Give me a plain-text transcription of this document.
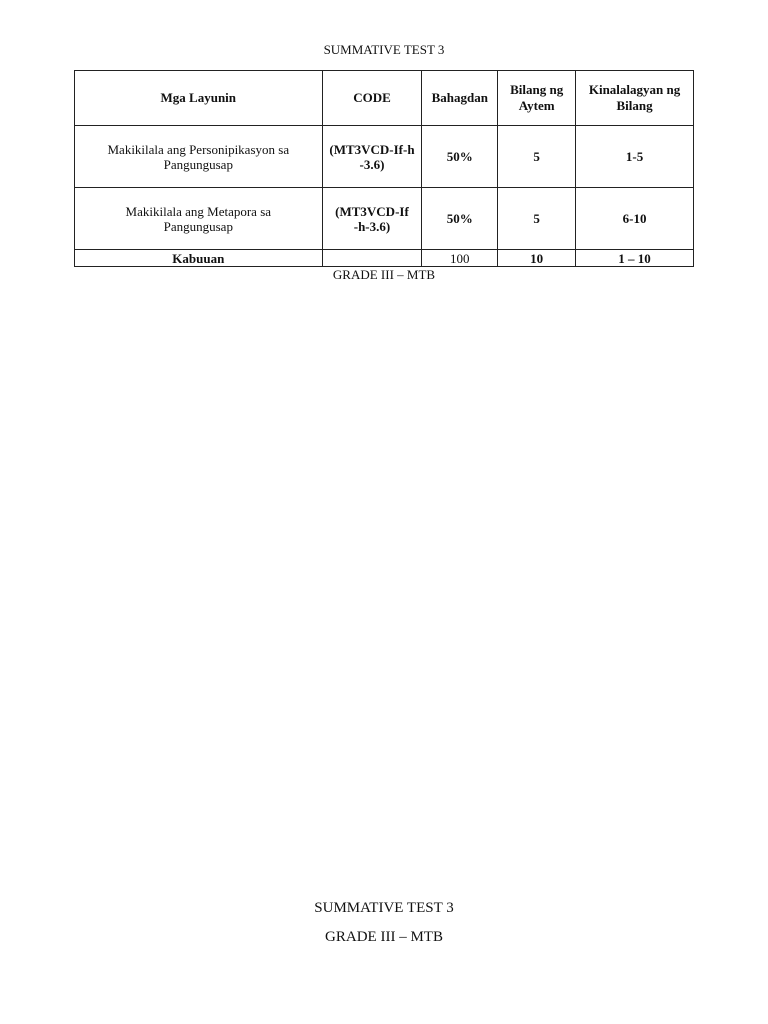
SUMMATIVE TEST 3
Mga Layunin	CODE	Bahagdan	Bilang ng Aytem	Kinalalagyan ng Bilang
Makikilala ang Personipikasyon sa Pangungusap	(MT3VCD-If-h-3.6)	50%	5	1-5
Makikilala ang Metapora sa Pangungusap	(MT3VCD-If-h-3.6)	50%	5	6-10
Kabuuan		100	10	1 – 10
GRADE III – MTB
SUMMATIVE TEST 3
GRADE III – MTB
